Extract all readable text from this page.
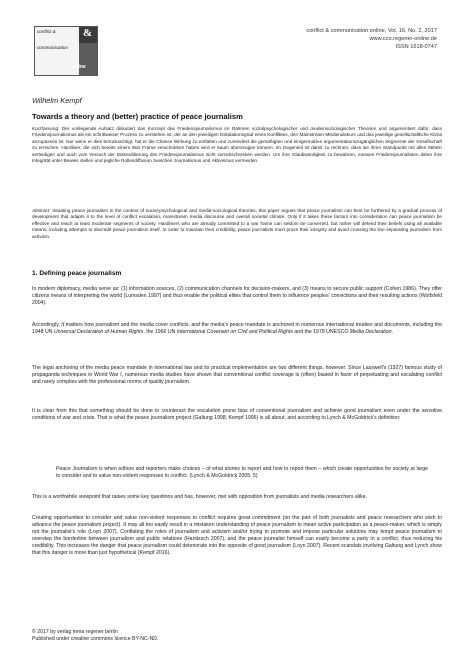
conflict & &
communication
online
conflict & communication online, Vol. 16, No. 2, 2017
www.cco.regener-online.de
ISSN 1618-0747
Wilhelm Kempf
Towards a theory and (better) practice of peace journalism
Kurzfassung: Der vorliegende Aufsatz diskutiert das Konzept des Friedensjournalismus im Rahmen sozialpsychologischer und mediensoziologischer Theorien und argumentiert dafür, dass Friedensjournalismus als ein schrittweiser Prozess zu verstehen ist, der an den jeweiligen Eskalationsgrad eines Konfliktes, den Mainstream-Mediendiskurs und das jeweilige gesellschaftliche Klima anzupassen ist. Nur wenn er dies berücksichtigt, hat er die Chance Wirkung zu entfalten und zumindest die gemäßigten und einigermaßen argumentationszugänglichen Segmente der Gesellschaft zu erreichen. Hardliner, die sich bereits einem War Frame verschrieben haben wird er kaum überzeugen können. Im Gegenteil ist damit zu rechnen, dass sie ihren Standpunkt mit allen Mitteln verteidigen und auch vom Versuch der Diskreditierung des Friedensjournalismus nicht zurückschrecken werden. Um ihre Glaubwürdigkeit zu bewahren, müssen Friedensjournalisten daher ihre Integrität unter Beweis stellen und jegliche Rollendiffusion zwischen Journalismus und Aktivismus vermeiden.
Abstract: Situating peace journalism in the context of social-psychological and media-sociological theories, this paper argues that peace journalism can best be furthered by a gradual process of development that adapts it to the level of conflict escalation, mainstream media discourse and overall societal climate. Only if it takes these factors into consideration can peace journalism be effective and reach at least moderate segments of society. Hardliners who are already committed to a war frame can seldom be converted, but rather will defend their beliefs using all available means, including attempts to discredit peace journalism itself. In order to maintain their credibility, peace journalists must prove their integrity and avoid crossing the line separating journalism from activism.
1. Defining peace journalism

In modern diplomacy, media serve as: (1) information sources, (2) communication channels for decision-makers, and (3) means to secure public support (Cohen 1986). They offer citizens means of interpreting the world (Lumsden 1997) and thus enable the political elites that control them to influence peoples' convictions and their resulting actions (Wolfsfeld 2004).

Accordingly, it matters how journalism and the media cover conflicts, and the media's peace mandate is anchored in numerous international treaties and documents, including the 1948 UN Universal Declaration of Human Rights, the 1966 UN International Covenant on Civil and Political Rights and the 1978 UNESCO Media Declaration.

The legal anchoring of the media peace mandate in international law and its practical implementation are two different things, however. Since Lasswell's (1927) famous study of propaganda techniques in World War I, numerous media studies have shown that conventional conflict coverage is (often) biased in favor of perpetuating and escalating conflict and rarely complies with the professional norms of quality journalism.

It is clear from this that something should be done to counteract the escalation prone bias of conventional journalism and achieve good journalism even under the sensitive conditions of war and crisis. That is what the peace journalism project (Galtung 1998, Kempf 1996) is all about, and according to Lynch & McGoldrick's definition:

Peace Journalism is when editors and reporters make choices – of what stories to report and how to report them – which create opportunities for society at large to consider and to value non-violent responses to conflict. (Lynch & McGoldrick 2005: 5)

This is a worthwhile viewpoint that raises some key questions and has, however, met with opposition from journalists and media researchers alike.

Creating opportunities to consider and value non-violent responses to conflict requires great commitment (on the part of both journalists and peace researchers who wish to advance the peace journalism project). It may all too easily result in a mistaken understanding of peace journalism to mean active participation as a peace-maker, which is simply not the journalist's role (Loyn 2007). Conflating the roles of journalism and activism and/or trying to promote and impose particular solutions may tempt peace journalism to overstep the borderline between journalism and public relations (Hanitzsch 2007), and the peace journalist himself can easily become a party in a conflict, thus reducing his credibility. This increases the danger that peace journalism could deteriorate into the opposite of good journalism (Loyn 2007). Recent scandals involving Galtung and Lynch show that this danger is more than just hypothetical (Kempf 2016).

© 2017 by verlag irena regener berlin
Published under creative commons licence BY-NC-ND.
